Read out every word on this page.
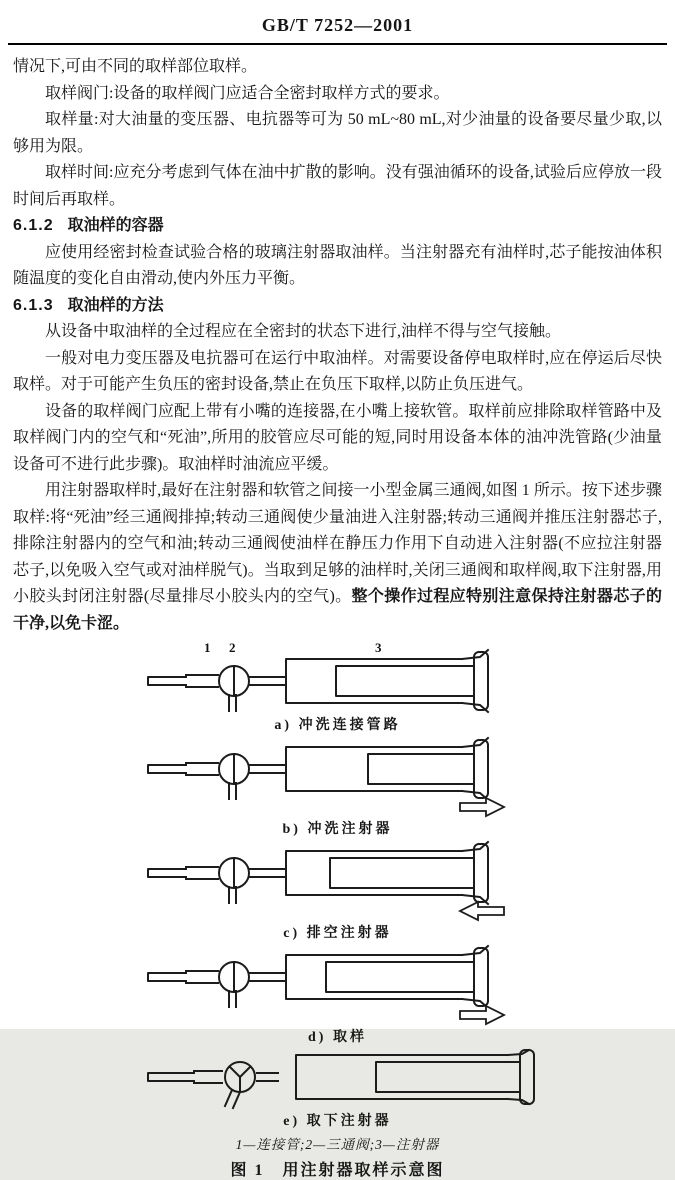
GB/T 7252—2001

情况下,可由不同的取样部位取样。

取样阀门:设备的取样阀门应适合全密封取样方式的要求。

取样量:对大油量的变压器、电抗器等可为 50 mL~80 mL,对少油量的设备要尽量少取,以够用为限。

取样时间:应充分考虑到气体在油中扩散的影响。没有强油循环的设备,试验后应停放一段时间后再取样。

6.1.2 取油样的容器

应使用经密封检查试验合格的玻璃注射器取油样。当注射器充有油样时,芯子能按油体积随温度的变化自由滑动,使内外压力平衡。

6.1.3 取油样的方法

从设备中取油样的全过程应在全密封的状态下进行,油样不得与空气接触。

一般对电力变压器及电抗器可在运行中取油样。对需要设备停电取样时,应在停运后尽快取样。对于可能产生负压的密封设备,禁止在负压下取样,以防止负压进气。

设备的取样阀门应配上带有小嘴的连接器,在小嘴上接软管。取样前应排除取样管路中及取样阀门内的空气和“死油”,所用的胶管应尽可能的短,同时用设备本体的油冲洗管路(少油量设备可不进行此步骤)。取油样时油流应平缓。

用注射器取样时,最好在注射器和软管之间接一小型金属三通阀,如图 1 所示。按下述步骤取样:将“死油”经三通阀排掉;转动三通阀使少量油进入注射器;转动三通阀并推压注射器芯子,排除注射器内的空气和油;转动三通阀使油样在静压力作用下自动进入注射器(不应拉注射器芯子,以免吸入空气或对油样脱气)。当取到足够的油样时,关闭三通阀和取样阀,取下注射器,用小胶头封闭注射器(尽量排尽小胶头内的空气)。整个操作过程应特别注意保持注射器芯子的干净,以免卡涩。

1 2	3
a) 冲洗连接管路
b) 冲洗注射器
c) 排空注射器
d) 取样
e) 取下注射器
1—连接管;2—三通阀;3—注射器
图 1　用注射器取样示意图
